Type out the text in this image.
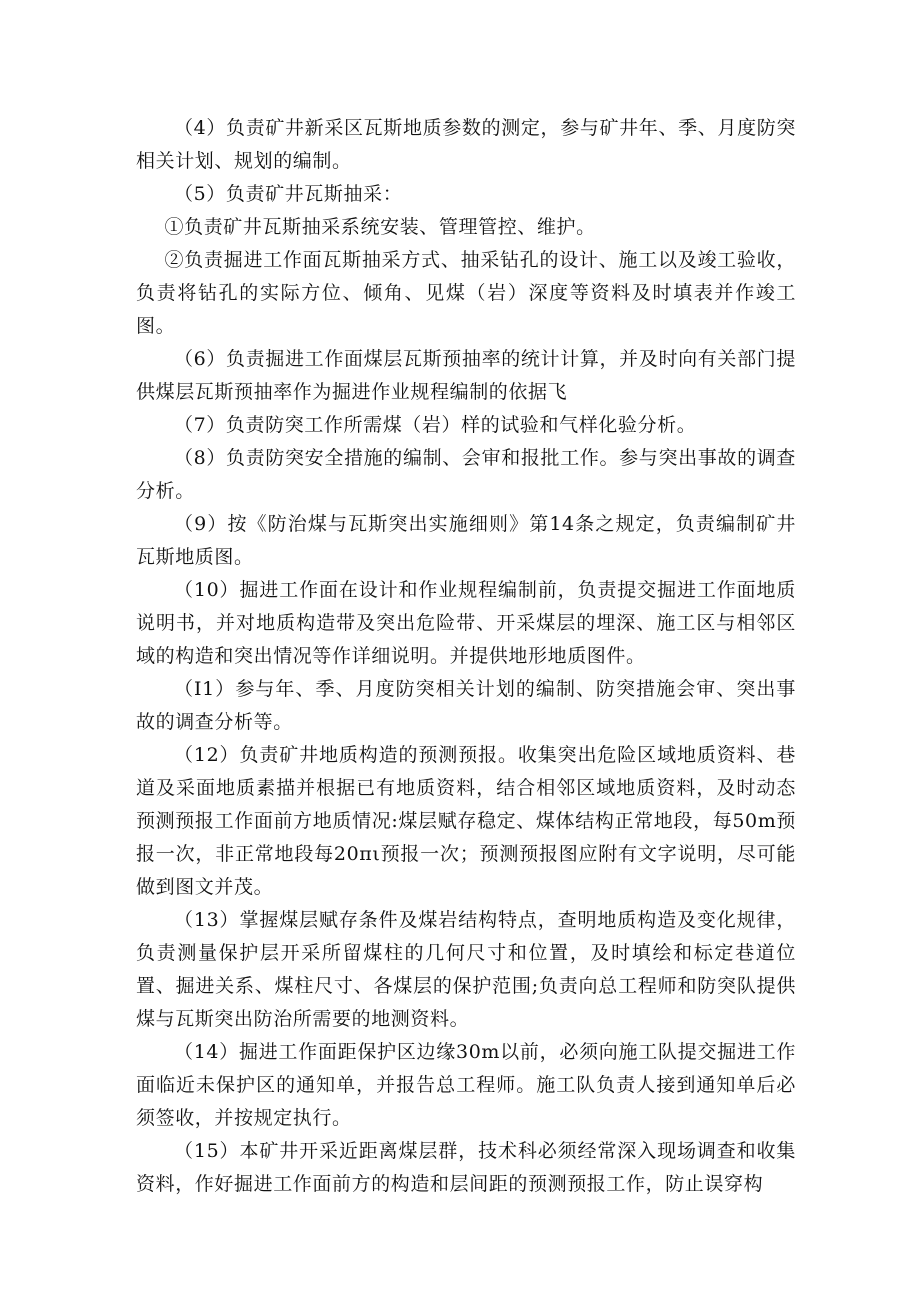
（4）负责矿井新采区瓦斯地质参数的测定，参与矿井年、季、月度防突相关计划、规划的编制。

（5）负责矿井瓦斯抽采：

①负责矿井瓦斯抽采系统安装、管理管控、维护。

②负责掘进工作面瓦斯抽采方式、抽采钻孔的设计、施工以及竣工验收，负责将钻孔的实际方位、倾角、见煤（岩）深度等资料及时填表并作竣工图。

（6）负责掘进工作面煤层瓦斯预抽率的统计计算，并及时向有关部门提供煤层瓦斯预抽率作为掘进作业规程编制的依据飞

（7）负责防突工作所需煤（岩）样的试验和气样化验分析。

（8）负责防突安全措施的编制、会审和报批工作。参与突出事故的调查分析。

（9）按《防治煤与瓦斯突出实施细则》第14条之规定，负责编制矿井瓦斯地质图。

（10）掘进工作面在设计和作业规程编制前，负责提交掘进工作面地质说明书，并对地质构造带及突出危险带、开采煤层的埋深、施工区与相邻区域的构造和突出情况等作详细说明。并提供地形地质图件。

（I1）参与年、季、月度防突相关计划的编制、防突措施会审、突出事故的调查分析等。

（12）负责矿井地质构造的预测预报。收集突出危险区域地质资料、巷道及采面地质素描并根据已有地质资料，结合相邻区域地质资料，及时动态预测预报工作面前方地质情况:煤层赋存稳定、煤体结构正常地段，每50m预报一次，非正常地段每20πι预报一次；预测预报图应附有文字说明，尽可能做到图文并茂。

（13）掌握煤层赋存条件及煤岩结构特点，查明地质构造及变化规律，负责测量保护层开采所留煤柱的几何尺寸和位置，及时填绘和标定巷道位置、掘进关系、煤柱尺寸、各煤层的保护范围;负责向总工程师和防突队提供煤与瓦斯突出防治所需要的地测资料。

（14）掘进工作面距保护区边缘30m以前，必须向施工队提交掘进工作面临近未保护区的通知单，并报告总工程师。施工队负责人接到通知单后必须签收，并按规定执行。

（15）本矿井开采近距离煤层群，技术科必须经常深入现场调查和收集资料，作好掘进工作面前方的构造和层间距的预测预报工作，防止误穿构
